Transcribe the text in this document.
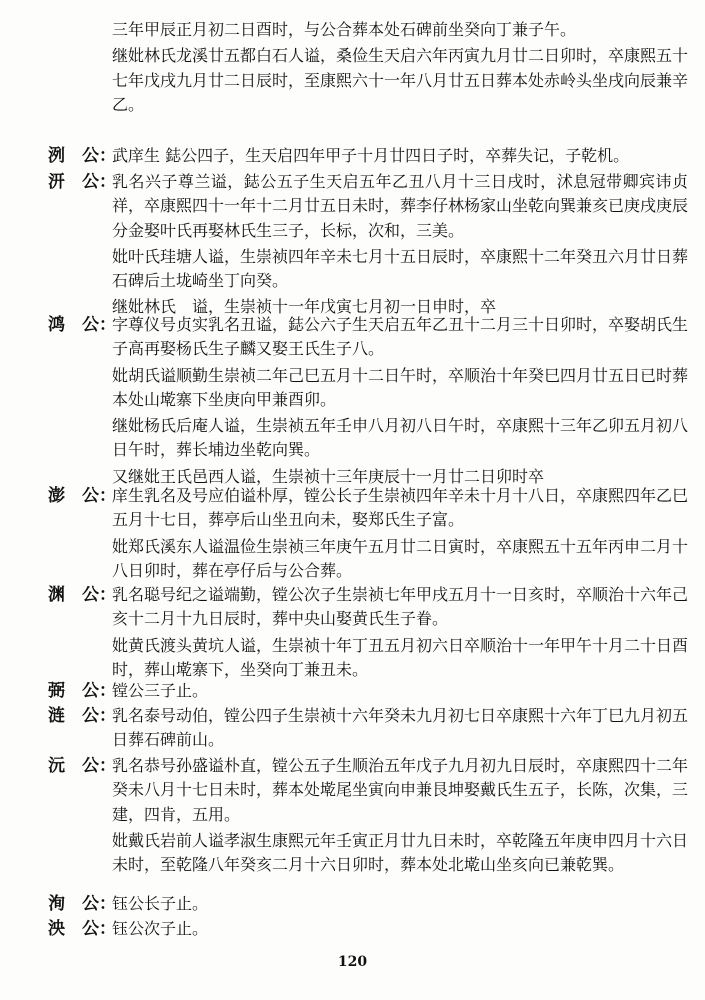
三年甲辰正月初二日酉时，与公合葬本处石碑前坐癸向丁兼子午。

继妣林氏龙溪廿五都白石人谥，桑俭生天启六年丙寅九月廿二日卯时，卒康熙五十七年戊戌九月廿二日辰时，至康熙六十一年八月廿五日葬本处赤岭头坐戌向辰兼辛乙。

洌　公：

武庠生 鋕公四子，生天启四年甲子十月廿四日子时，卒葬失记，子乾机。

汧　公：

乳名兴子尊兰谥，鋕公五子生天启五年乙丑八月十三日戌时，沭息冠带卿宾讳贞祥，卒康熙四十一年十二月廿五日未时，葬李仔林杨家山坐乾向巽兼亥已庚戌庚辰分金娶叶氏再娶林氏生三子，长标，次和，三美。

妣叶氏珪塘人谥，生崇祯四年辛未七月十五日辰时，卒康熙十二年癸丑六月廿日葬石碑后土垅崎坐丁向癸。

继妣林氏　谥，生崇祯十一年戊寅七月初一日申时，卒

鸿　公：

字尊仪号贞实乳名丑谥，鋕公六子生天启五年乙丑十二月三十日卯时，卒娶胡氏生子高再娶杨氏生子麟又娶王氏生子八。

妣胡氏谥顺勤生崇祯二年己巳五月十二日午时，卒顺治十年癸巳四月廿五日已时葬本处山墘寨下坐庚向甲兼酉卯。

继妣杨氏后庵人谥，生崇祯五年壬申八月初八日午时，卒康熙十三年乙卯五月初八日午时，葬长埔边坐乾向巽。

又继妣王氏邑西人谥，生崇祯十三年庚辰十一月廿二日卯时卒

澎　公：

庠生乳名及号应伯谥朴厚，镗公长子生崇祯四年辛未十月十八日，卒康熙四年乙巳五月十七日，葬亭后山坐丑向未，娶郑氏生子富。

妣郑氏溪东人谥温俭生崇祯三年庚午五月廿二日寅时，卒康熙五十五年丙申二月十八日卯时，葬在亭仔后与公合葬。

渊　公：

乳名聪号纪之谥端勤，镗公次子生崇祯七年甲戌五月十一日亥时，卒顺治十六年己亥十二月十九日辰时，葬中央山娶黄氏生子眷。

妣黄氏渡头黄坑人谥，生崇祯十年丁丑五月初六日卒顺治十一年甲午十月二十日酉时，葬山墘寨下，坐癸向丁兼丑未。

弼　公：

镗公三子止。

涟　公：

乳名泰号动伯，镗公四子生崇祯十六年癸未九月初七日卒康熙十六年丁巳九月初五日葬石碑前山。

沅　公：

乳名恭号孙盛谥朴直，镗公五子生顺治五年戊子九月初九日辰时，卒康熙四十二年癸未八月十七日未时，葬本处墘尾坐寅向申兼艮坤娶戴氏生五子，长陈，次集，三建，四肯，五用。

妣戴氏岩前人谥孝淑生康熙元年壬寅正月廿九日未时，卒乾隆五年庚申四月十六日未时，至乾隆八年癸亥二月十六日卯时，葬本处北墘山坐亥向已兼乾巽。

洵　公：

钰公长子止。

泱　公：

钰公次子止。

120
